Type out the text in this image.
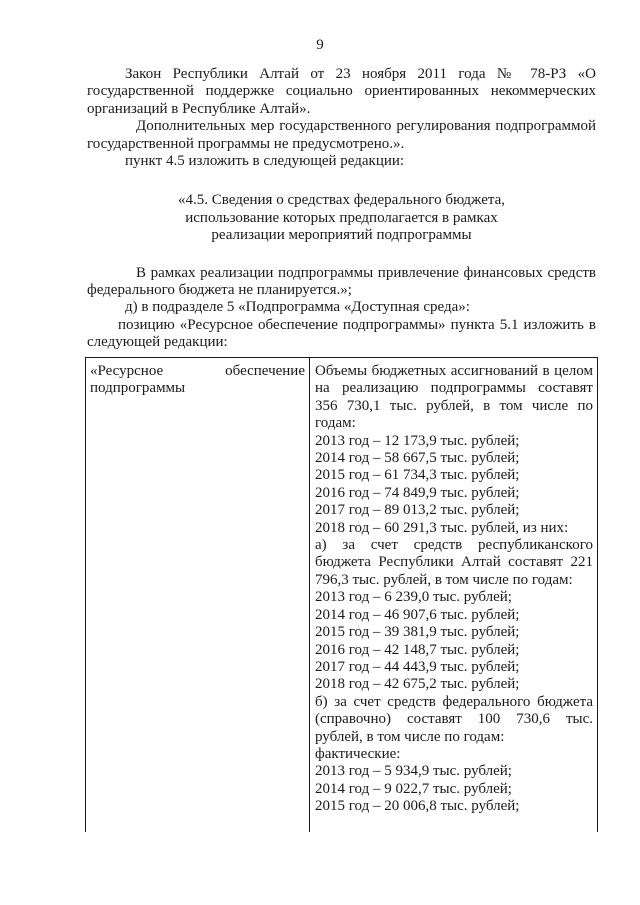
9

Закон Республики Алтай от 23 ноября 2011 года № 78-РЗ «О государственной поддержке социально ориентированных некоммерческих организаций в Республике Алтай».

Дополнительных мер государственного регулирования подпрограммой государственной программы не предусмотрено.».

пункт 4.5 изложить в следующей редакции:

«4.5. Сведения о средствах федерального бюджета,
использование которых предполагается в рамках
реализации мероприятий подпрограммы

В рамках реализации подпрограммы привлечение финансовых средств федерального бюджета не планируется.»;

д) в подразделе 5 «Подпрограмма «Доступная среда»:

позицию «Ресурсное обеспечение подпрограммы» пункта 5.1 изложить в следующей редакции:

«Ресурсное	обеспечение
подпрограммы

Объемы бюджетных ассигнований в целом на реализацию подпрограммы составят 356 730,1 тыс. рублей, в том числе по годам:

2013 год – 12 173,9 тыс. рублей;

2014 год – 58 667,5 тыс. рублей;

2015 год – 61 734,3 тыс. рублей;

2016 год – 74 849,9 тыс. рублей;

2017 год – 89 013,2 тыс. рублей;

2018 год – 60 291,3 тыс. рублей, из них:

а) за счет средств республиканского бюджета Республики Алтай составят 221 796,3 тыс. рублей, в том числе по годам:

2013 год – 6 239,0 тыс. рублей;

2014 год – 46 907,6 тыс. рублей;

2015 год – 39 381,9 тыс. рублей;

2016 год – 42 148,7 тыс. рублей;

2017 год – 44 443,9 тыс. рублей;

2018 год – 42 675,2 тыс. рублей;

б) за счет средств федерального бюджета (справочно) составят 100 730,6 тыс. рублей, в том числе по годам:

фактические:

2013 год – 5 934,9 тыс. рублей;

2014 год – 9 022,7 тыс. рублей;

2015 год – 20 006,8 тыс. рублей;
